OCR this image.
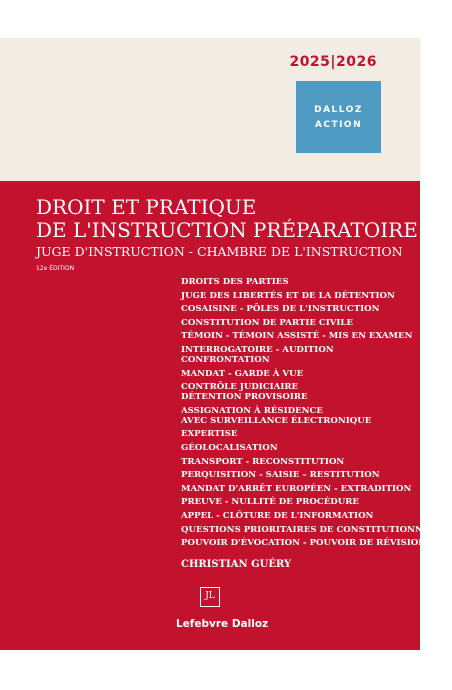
2025|2026
DALLOZ
ACTION
DROIT ET PRATIQUE
DE L'INSTRUCTION PRÉPARATOIRE
JUGE D'INSTRUCTION - CHAMBRE DE L'INSTRUCTION
12e ÉDITION
DROITS DES PARTIES
JUGE DES LIBERTÉS ET DE LA DÉTENTION
COSAISINE - PÔLES DE L'INSTRUCTION
CONSTITUTION DE PARTIE CIVILE
TÉMOIN - TÉMOIN ASSISTÉ - MIS EN EXAMEN
INTERROGATOIRE - AUDITION
CONFRONTATION
MANDAT - GARDE À VUE
CONTRÔLE JUDICIAIRE
DÉTENTION PROVISOIRE
ASSIGNATION À RÉSIDENCE
AVEC SURVEILLANCE ÉLECTRONIQUE
EXPERTISE
GÉOLOCALISATION
TRANSPORT - RECONSTITUTION
PERQUISITION - SAISIE – RESTITUTION
MANDAT D'ARRÊT EUROPÉEN - EXTRADITION
PREUVE - NULLITÉ DE PROCÉDURE
APPEL - CLÔTURE DE L'INFORMATION
QUESTIONS PRIORITAIRES DE CONSTITUTIONNALITÉ
POUVOIR D'ÉVOCATION - POUVOIR DE RÉVISION
CHRISTIAN GUÉRY
JL
Lefebvre Dalloz
